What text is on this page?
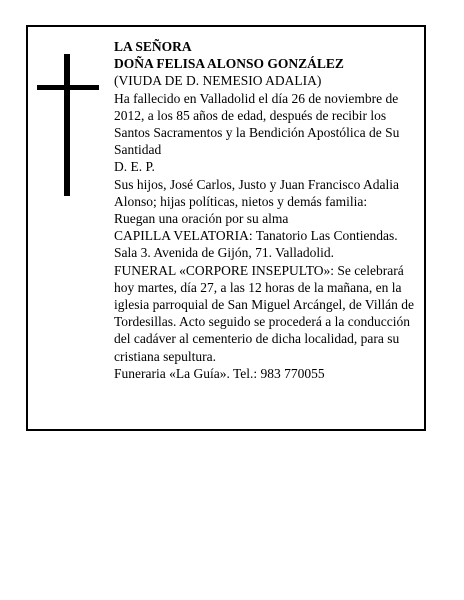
LA SEÑORA
DOÑA FELISA ALONSO GONZÁLEZ
(VIUDA DE D. NEMESIO ADALIA)
Ha fallecido en Valladolid el día 26 de noviembre de 2012, a los 85 años de edad, después de recibir los Santos Sacramentos y la Bendición Apostólica de Su Santidad
D. E. P.
Sus hijos, José Carlos, Justo y Juan Francisco Adalia Alonso; hijas políticas, nietos y demás familia:
Ruegan una oración por su alma
CAPILLA VELATORIA: Tanatorio Las Contiendas. Sala 3. Avenida de Gijón, 71. Valladolid.
FUNERAL «CORPORE INSEPULTO»: Se celebrará hoy martes, día 27, a las 12 horas de la mañana, en la iglesia parroquial de San Miguel Arcángel, de Villán de Tordesillas. Acto seguido se procederá a la conducción del cadáver al cementerio de dicha localidad, para su cristiana sepultura.
Funeraria «La Guía». Tel.: 983 770055
